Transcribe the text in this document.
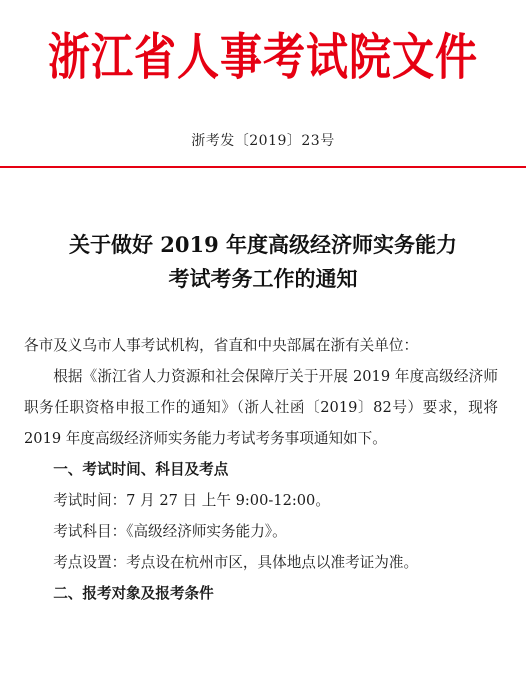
浙江省人事考试院文件
浙考发〔2019〕23号
关于做好 2019 年度高级经济师实务能力
考试考务工作的通知

各市及义乌市人事考试机构，省直和中央部属在浙有关单位：

根据《浙江省人力资源和社会保障厅关于开展 2019 年度高级经济师职务任职资格申报工作的通知》（浙人社函〔2019〕82号）要求，现将 2019 年度高级经济师实务能力考试考务事项通知如下。

一、考试时间、科目及考点

考试时间：7 月 27 日 上午 9:00-12:00。

考试科目：《高级经济师实务能力》。

考点设置：考点设在杭州市区，具体地点以准考证为准。

二、报考对象及报考条件
